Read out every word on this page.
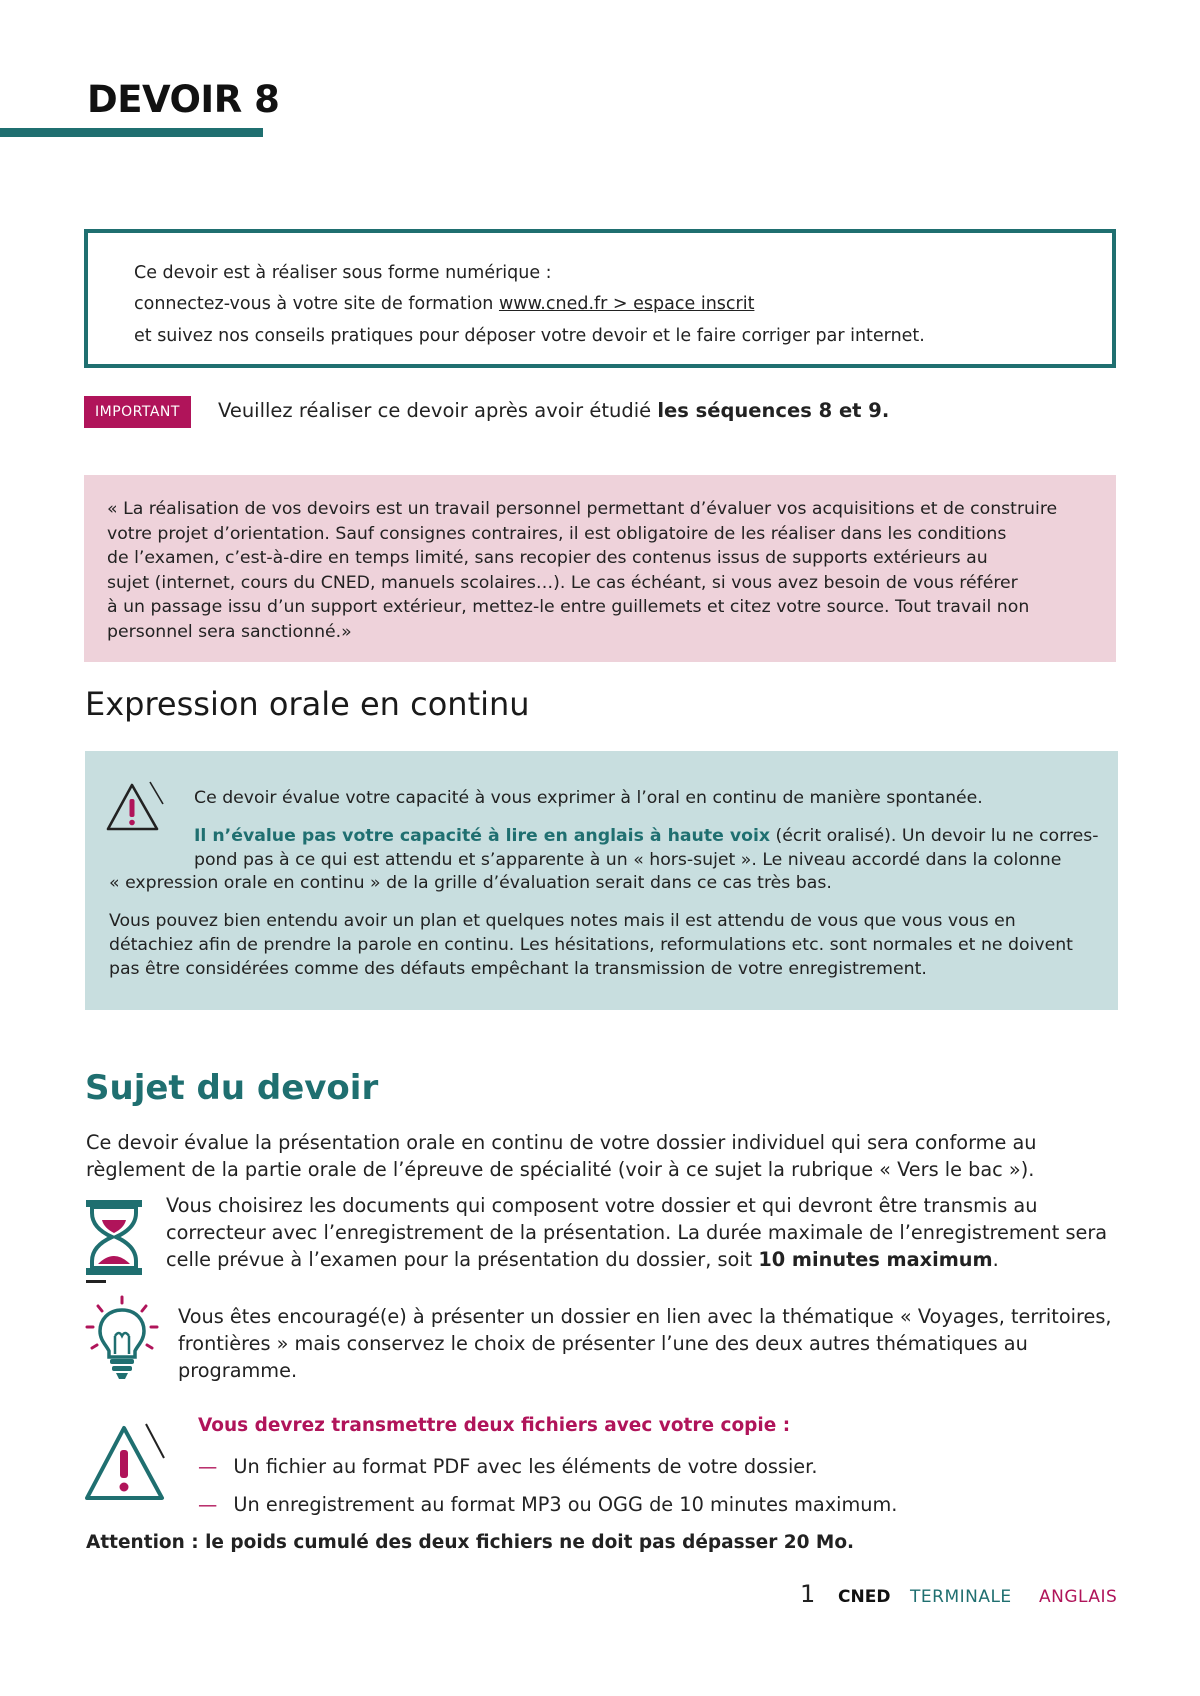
DEVOIR 8
Ce devoir est à réaliser sous forme numérique :
connectez-vous à votre site de formation www.cned.fr > espace inscrit
et suivez nos conseils pratiques pour déposer votre devoir et le faire corriger par internet.
IMPORTANT	Veuillez réaliser ce devoir après avoir étudié les séquences 8 et 9.

« La réalisation de vos devoirs est un travail personnel permettant d’évaluer vos acquisitions et de construire

votre projet d’orientation. Sauf consignes contraires, il est obligatoire de les réaliser dans les conditions

de l’examen, c’est-à-dire en temps limité, sans recopier des contenus issus de supports extérieurs au

sujet (internet, cours du CNED, manuels scolaires…). Le cas échéant, si vous avez besoin de vous référer

à un passage issu d’un support extérieur, mettez-le entre guillemets et citez votre source. Tout travail non

personnel sera sanctionné.»

Expression orale en continu
Ce devoir évalue votre capacité à vous exprimer à l’oral en continu de manière spontanée.
Il n’évalue pas votre capacité à lire en anglais à haute voix (écrit oralisé). Un devoir lu ne corres-
pond pas à ce qui est attendu et s’apparente à un « hors-sujet ». Le niveau accordé dans la colonne
« expression orale en continu » de la grille d’évaluation serait dans ce cas très bas.
Vous pouvez bien entendu avoir un plan et quelques notes mais il est attendu de vous que vous vous en
détachiez afin de prendre la parole en continu. Les hésitations, reformulations etc. sont normales et ne doivent
pas être considérées comme des défauts empêchant la transmission de votre enregistrement.
Sujet du devoir
Ce devoir évalue la présentation orale en continu de votre dossier individuel qui sera conforme au
règlement de la partie orale de l’épreuve de spécialité (voir à ce sujet la rubrique « Vers le bac »).
Vous choisirez les documents qui composent votre dossier et qui devront être transmis au
correcteur avec l’enregistrement de la présentation. La durée maximale de l’enregistrement sera
celle prévue à l’examen pour la présentation du dossier, soit 10 minutes maximum.
Vous êtes encouragé(e) à présenter un dossier en lien avec la thématique « Voyages, territoires,
frontières » mais conservez le choix de présenter l’une des deux autres thématiques au
programme.
Vous devrez transmettre deux fichiers avec votre copie :
— Un fichier au format PDF avec les éléments de votre dossier.
— Un enregistrement au format MP3 ou OGG de 10 minutes maximum.
Attention : le poids cumulé des deux fichiers ne doit pas dépasser 20 Mo.
1 CNED TERMINALE ANGLAIS
